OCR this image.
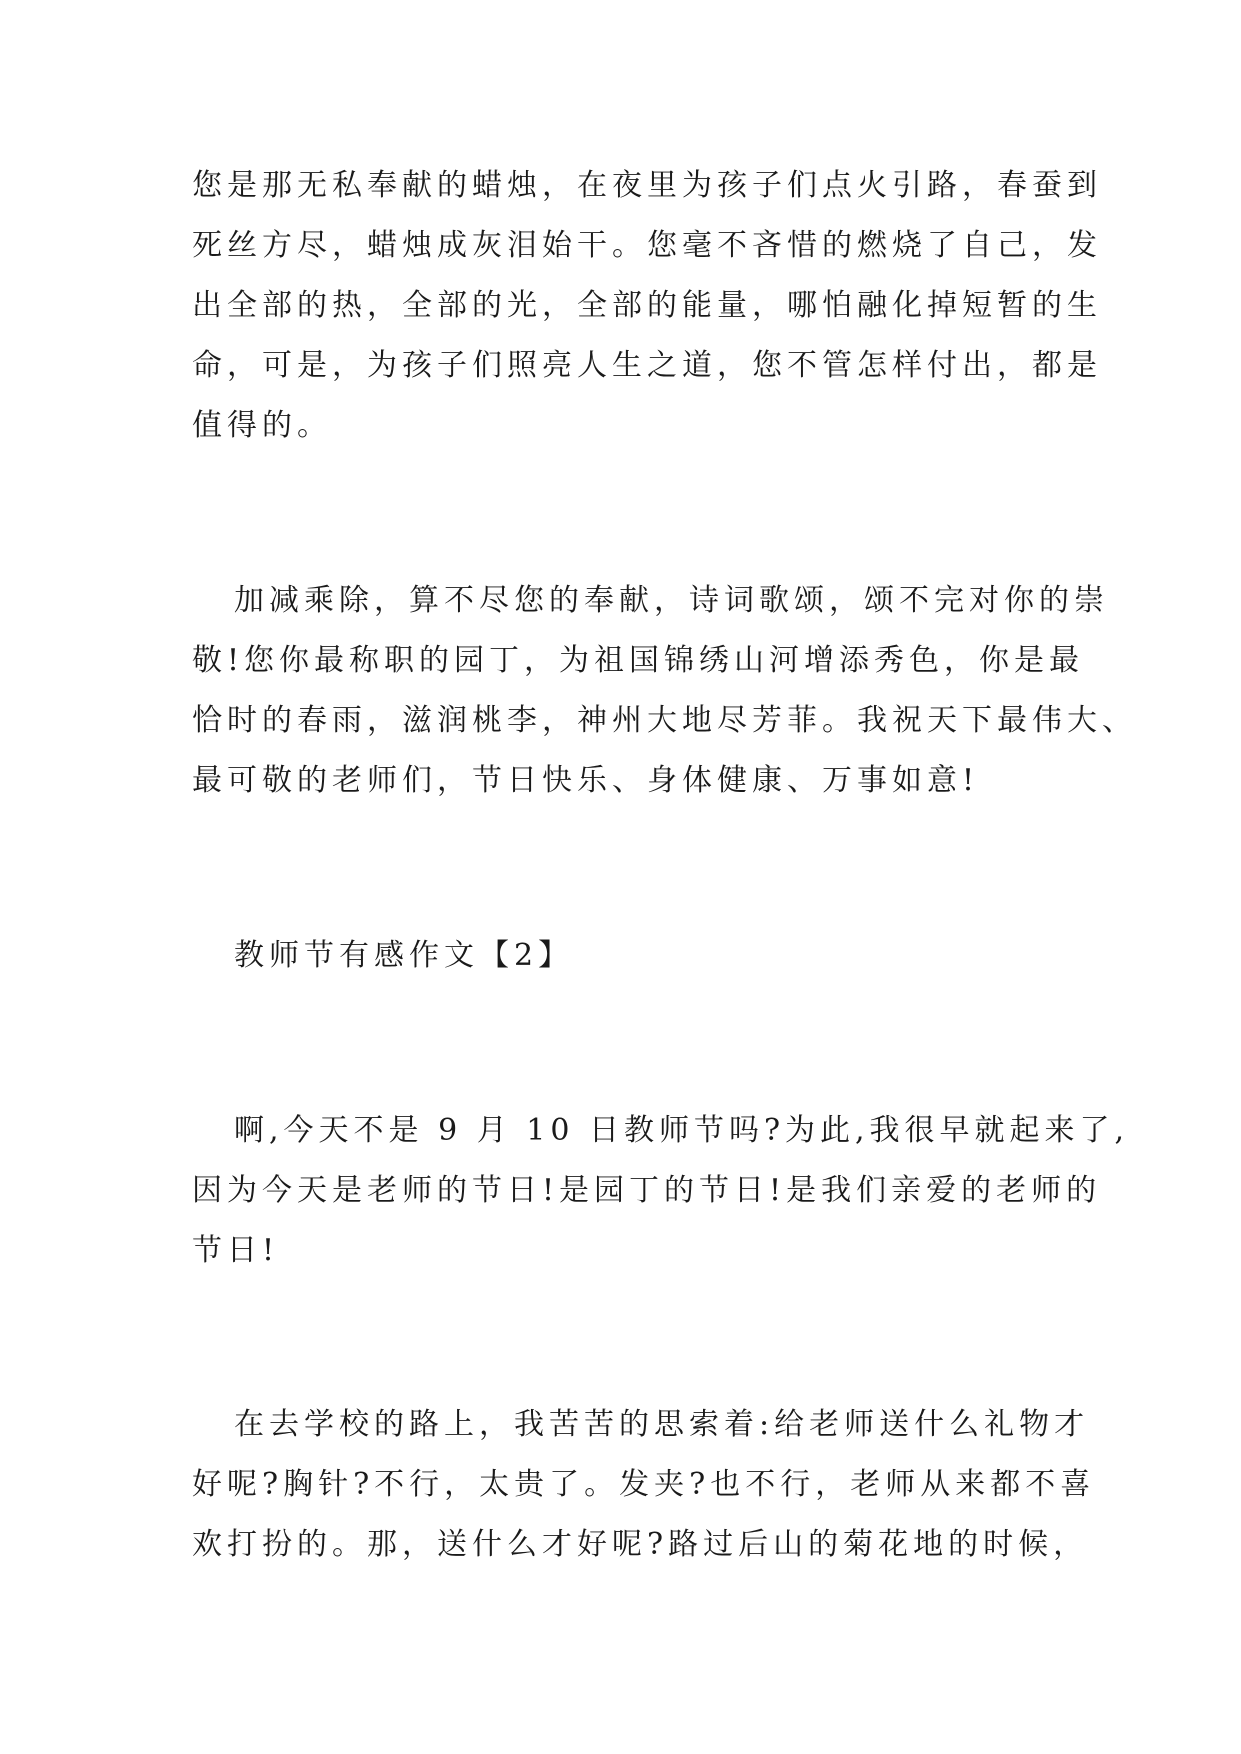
您是那无私奉献的蜡烛，在夜里为孩子们点火引路，春蚕到
死丝方尽，蜡烛成灰泪始干。您毫不吝惜的燃烧了自己，发
出全部的热，全部的光，全部的能量，哪怕融化掉短暂的生
命，可是，为孩子们照亮人生之道，您不管怎样付出，都是
值得的。
加减乘除，算不尽您的奉献，诗词歌颂，颂不完对你的崇
敬!您你最称职的园丁，为祖国锦绣山河增添秀色，你是最
恰时的春雨，滋润桃李，神州大地尽芳菲。我祝天下最伟大、
最可敬的老师们，节日快乐、身体健康、万事如意!
教师节有感作文【2】
啊,今天不是 9 月 10 日教师节吗?为此,我很早就起来了,
因为今天是老师的节日!是园丁的节日!是我们亲爱的老师的
节日!
在去学校的路上，我苦苦的思索着:给老师送什么礼物才
好呢?胸针?不行，太贵了。发夹?也不行，老师从来都不喜
欢打扮的。那，送什么才好呢?路过后山的菊花地的时候，
